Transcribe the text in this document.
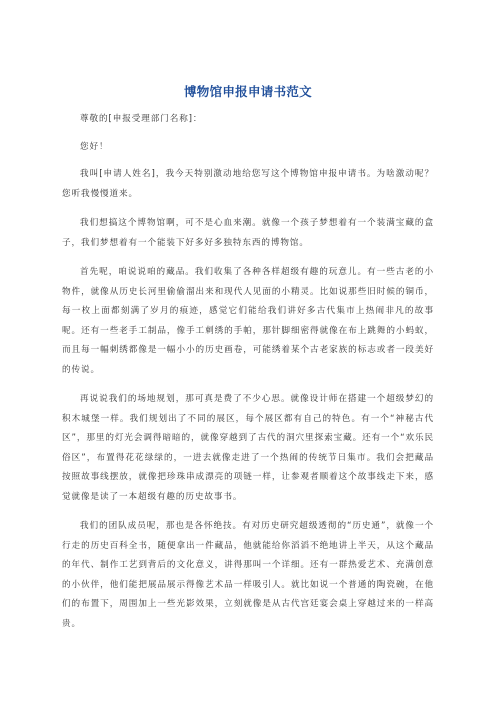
博物馆申报申请书范文

尊敬的[申报受理部门名称]：

您好！

我叫[申请人姓名]，我今天特别激动地给您写这个博物馆申报申请书。为啥激动呢？您听我慢慢道来。

我们想搞这个博物馆啊，可不是心血来潮。就像一个孩子梦想着有一个装满宝藏的盒子，我们梦想着有一个能装下好多好多独特东西的博物馆。

首先呢，咱说说咱的藏品。我们收集了各种各样超级有趣的玩意儿。有一些古老的小物件，就像从历史长河里偷偷溜出来和现代人见面的小精灵。比如说那些旧时候的铜币，每一枚上面都刻满了岁月的痕迹，感觉它们能给我们讲好多古代集市上热闹非凡的故事呢。还有一些老手工制品，像手工刺绣的手帕，那针脚细密得就像在布上跳舞的小蚂蚁，而且每一幅刺绣都像是一幅小小的历史画卷，可能绣着某个古老家族的标志或者一段美好的传说。

再说说我们的场地规划，那可真是费了不少心思。就像设计师在搭建一个超级梦幻的积木城堡一样。我们规划出了不同的展区，每个展区都有自己的特色。有一个“神秘古代区”，那里的灯光会调得暗暗的，就像穿越到了古代的洞穴里探索宝藏。还有一个“欢乐民俗区”，布置得花花绿绿的，一进去就像走进了一个热闹的传统节日集市。我们会把藏品按照故事线摆放，就像把珍珠串成漂亮的项链一样，让参观者顺着这个故事线走下来，感觉就像是读了一本超级有趣的历史故事书。

我们的团队成员呢，那也是各怀绝技。有对历史研究超级透彻的“历史通”，就像一个行走的历史百科全书，随便拿出一件藏品，他就能给你滔滔不绝地讲上半天，从这个藏品的年代、制作工艺到背后的文化意义，讲得那叫一个详细。还有一群热爱艺术、充满创意的小伙伴，他们能把展品展示得像艺术品一样吸引人。就比如说一个普通的陶瓷碗，在他们的布置下，周围加上一些光影效果，立刻就像是从古代宫廷宴会桌上穿越过来的一样高贵。
